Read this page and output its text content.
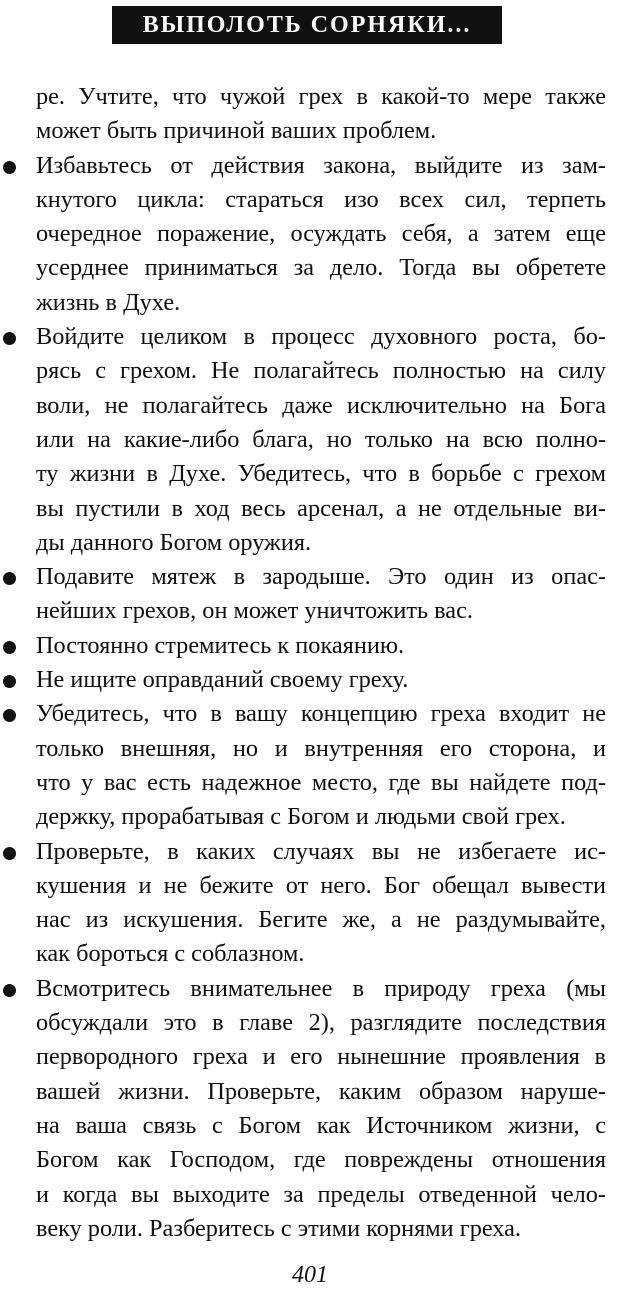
ВЫПОЛОТЬ СОРНЯКИ...
ре. Учтите, что чужой грех в какой-то мере также
может быть причиной ваших проблем.
Избавьтесь от действия закона, выйдите из зам-
кнутого цикла: стараться изо всех сил, терпеть
очередное поражение, осуждать себя, а затем еще
усерднее приниматься за дело. Тогда вы обретете
жизнь в Духе.
Войдите целиком в процесс духовного роста, бо-
рясь с грехом. Не полагайтесь полностью на силу
воли, не полагайтесь даже исключительно на Бога
или на какие-либо блага, но только на всю полно-
ту жизни в Духе. Убедитесь, что в борьбе с грехом
вы пустили в ход весь арсенал, а не отдельные ви-
ды данного Богом оружия.
Подавите мятеж в зародыше. Это один из опас-
нейших грехов, он может уничтожить вас.
Постоянно стремитесь к покаянию.
Не ищите оправданий своему греху.
Убедитесь, что в вашу концепцию греха входит не
только внешняя, но и внутренняя его сторона, и
что у вас есть надежное место, где вы найдете под-
держку, прорабатывая с Богом и людьми свой грех.
Проверьте, в каких случаях вы не избегаете ис-
кушения и не бежите от него. Бог обещал вывести
нас из искушения. Бегите же, а не раздумывайте,
как бороться с соблазном.
Всмотритесь внимательнее в природу греха (мы
обсуждали это в главе 2), разглядите последствия
первородного греха и его нынешние проявления в
вашей жизни. Проверьте, каким образом наруше-
на ваша связь с Богом как Источником жизни, с
Богом как Господом, где повреждены отношения
и когда вы выходите за пределы отведенной чело-
веку роли. Разберитесь с этими корнями греха.
401
